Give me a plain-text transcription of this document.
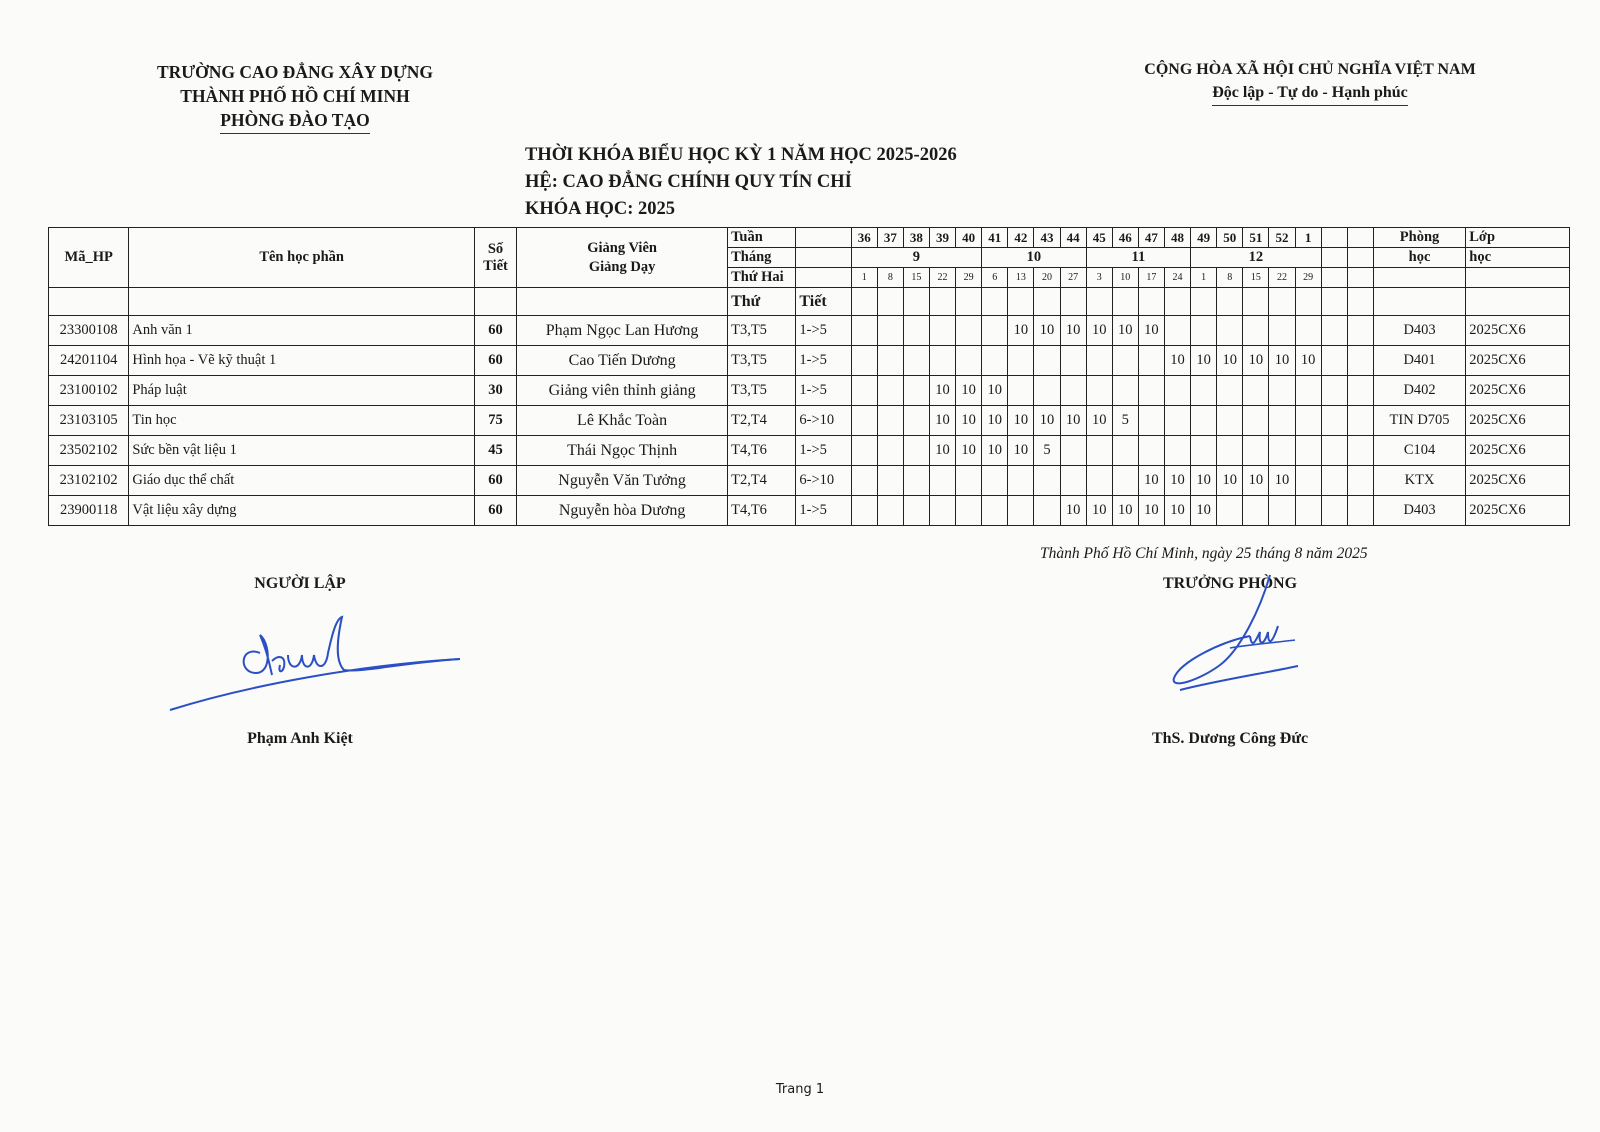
TRƯỜNG CAO ĐẲNG XÂY DỰNG
THÀNH PHỐ HỒ CHÍ MINH
PHÒNG ĐÀO TẠO
CỘNG HÒA XÃ HỘI CHỦ NGHĨA VIỆT NAM
Độc lập - Tự do - Hạnh phúc
THỜI KHÓA BIỂU HỌC KỲ 1 NĂM HỌC 2025-2026
HỆ: CAO ĐẲNG CHÍNH QUY TÍN CHỈ
KHÓA HỌC: 2025
Mã_HP	Tên học phần	Số Tiết	Giảng Viên
Giảng Dạy	Tuần		36	37	38	39	40	41	42	43	44	45	46	47	48	49	50	51	52	1			Phòng	Lớp
				Tháng		9					10				11				12							học	học
				Thứ Hai		1	8	15	22	29	6	13	20	27	3	10	17	24	1	8	15	22	29				
				Thứ	Tiết																						
23300108	Anh văn 1	60	Phạm Ngọc Lan Hương	T3,T5	1->5							10	10	10	10	10	10									D403	2025CX6
24201104	Hình họa - Vẽ kỹ thuật 1	60	Cao Tiến Dương	T3,T5	1->5													10	10	10	10	10	10			D401	2025CX6
23100102	Pháp luật	30	Giảng viên thỉnh giảng	T3,T5	1->5				10	10	10															D402	2025CX6
23103105	Tin học	75	Lê Khắc Toàn	T2,T4	6->10				10	10	10	10	10	10	10	5										TIN D705	2025CX6
23502102	Sức bền vật liệu 1	45	Thái Ngọc Thịnh	T4,T6	1->5				10	10	10	10	5													C104	2025CX6
23102102	Giáo dục thể chất	60	Nguyễn Văn Tưởng	T2,T4	6->10												10	10	10	10	10	10				KTX	2025CX6
23900118	Vật liệu xây dựng	60	Nguyễn hòa Dương	T4,T6	1->5									10	10	10	10	10	10							D403	2025CX6
Thành Phố Hồ Chí Minh, ngày 25 tháng 8 năm 2025
NGƯỜI LẬP	TRƯỞNG PHÒNG
Phạm Anh Kiệt	ThS. Dương Công Đức
Trang 1
